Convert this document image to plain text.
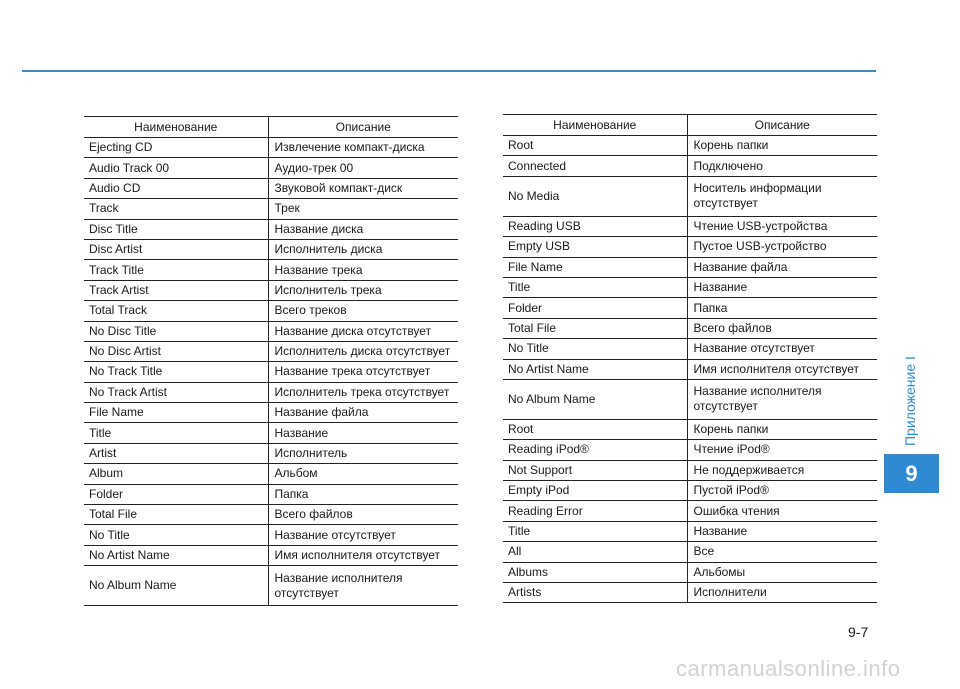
Наименование	Описание
Ejecting CD	Извлечение компакт-диска
Audio Track 00	Аудио-трек 00
Audio CD	Звуковой компакт-диск
Track	Трек
Disc Title	Название диска
Disc Artist	Исполнитель диска
Track Title	Название трека
Track Artist	Исполнитель трека
Total Track	Всего треков
No Disc Title	Название диска отсутствует
No Disc Artist	Исполнитель диска отсутствует
No Track Title	Название трека отсутствует
No Track Artist	Исполнитель трека отсутствует
File Name	Название файла
Title	Название
Artist	Исполнитель
Album	Альбом
Folder	Папка
Total File	Всего файлов
No Title	Название отсутствует
No Artist Name	Имя исполнителя отсутствует
No Album Name	Название исполнителя отсутствует
Наименование	Описание
Root	Корень папки
Connected	Подключено
No Media	Носитель информации отсутствует
Reading USB	Чтение USB-устройства
Empty USB	Пустое USB-устройство
File Name	Название файла
Title	Название
Folder	Папка
Total File	Всего файлов
No Title	Название отсутствует
No Artist Name	Имя исполнителя отсутствует
No Album Name	Название исполнителя отсутствует
Root	Корень папки
Reading iPod®	Чтение iPod®
Not Support	Не поддерживается
Empty iPod	Пустой iPod®
Reading Error	Ошибка чтения
Title	Название
All	Все
Albums	Альбомы
Artists	Исполнители
Приложение I
9
9-7
carmanualsonline.info
